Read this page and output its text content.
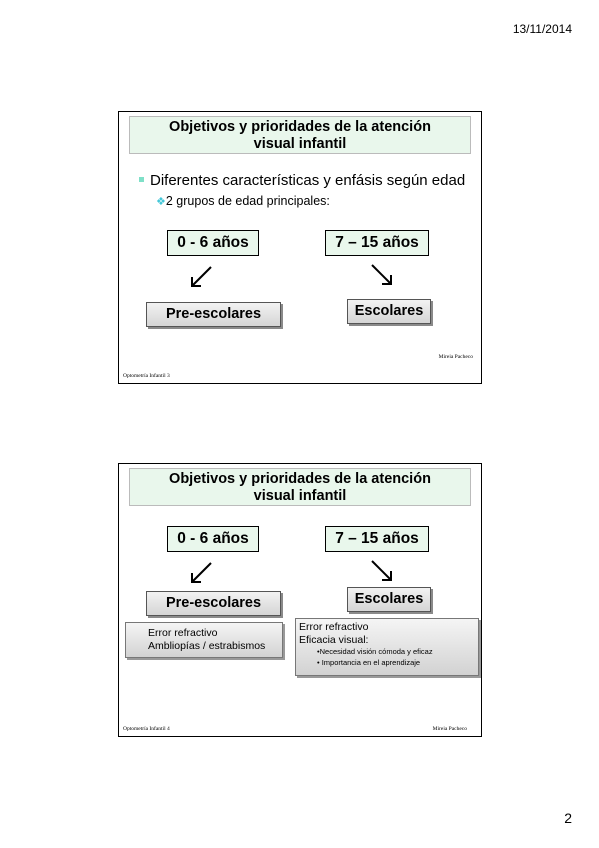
13/11/2014
Objetivos y prioridades de la atención
visual infantil
Diferentes características y enfásis según edad
❖2 grupos de edad principales:
0 - 6 años	7 – 15 años
Pre-escolares	Escolares
Mireia Pacheco
Optometría Infantil 3
Objetivos y prioridades de la atención
visual infantil
0 - 6 años	7 – 15 años
Pre-escolares	Escolares
Error refractivo
Ambliopías / estrabismos
Error refractivo
Eficacia visual:
•Necesidad visión cómoda y eficaz
• Importancia en el aprendizaje
Mireia Pacheco
Optometría Infantil 4
2
